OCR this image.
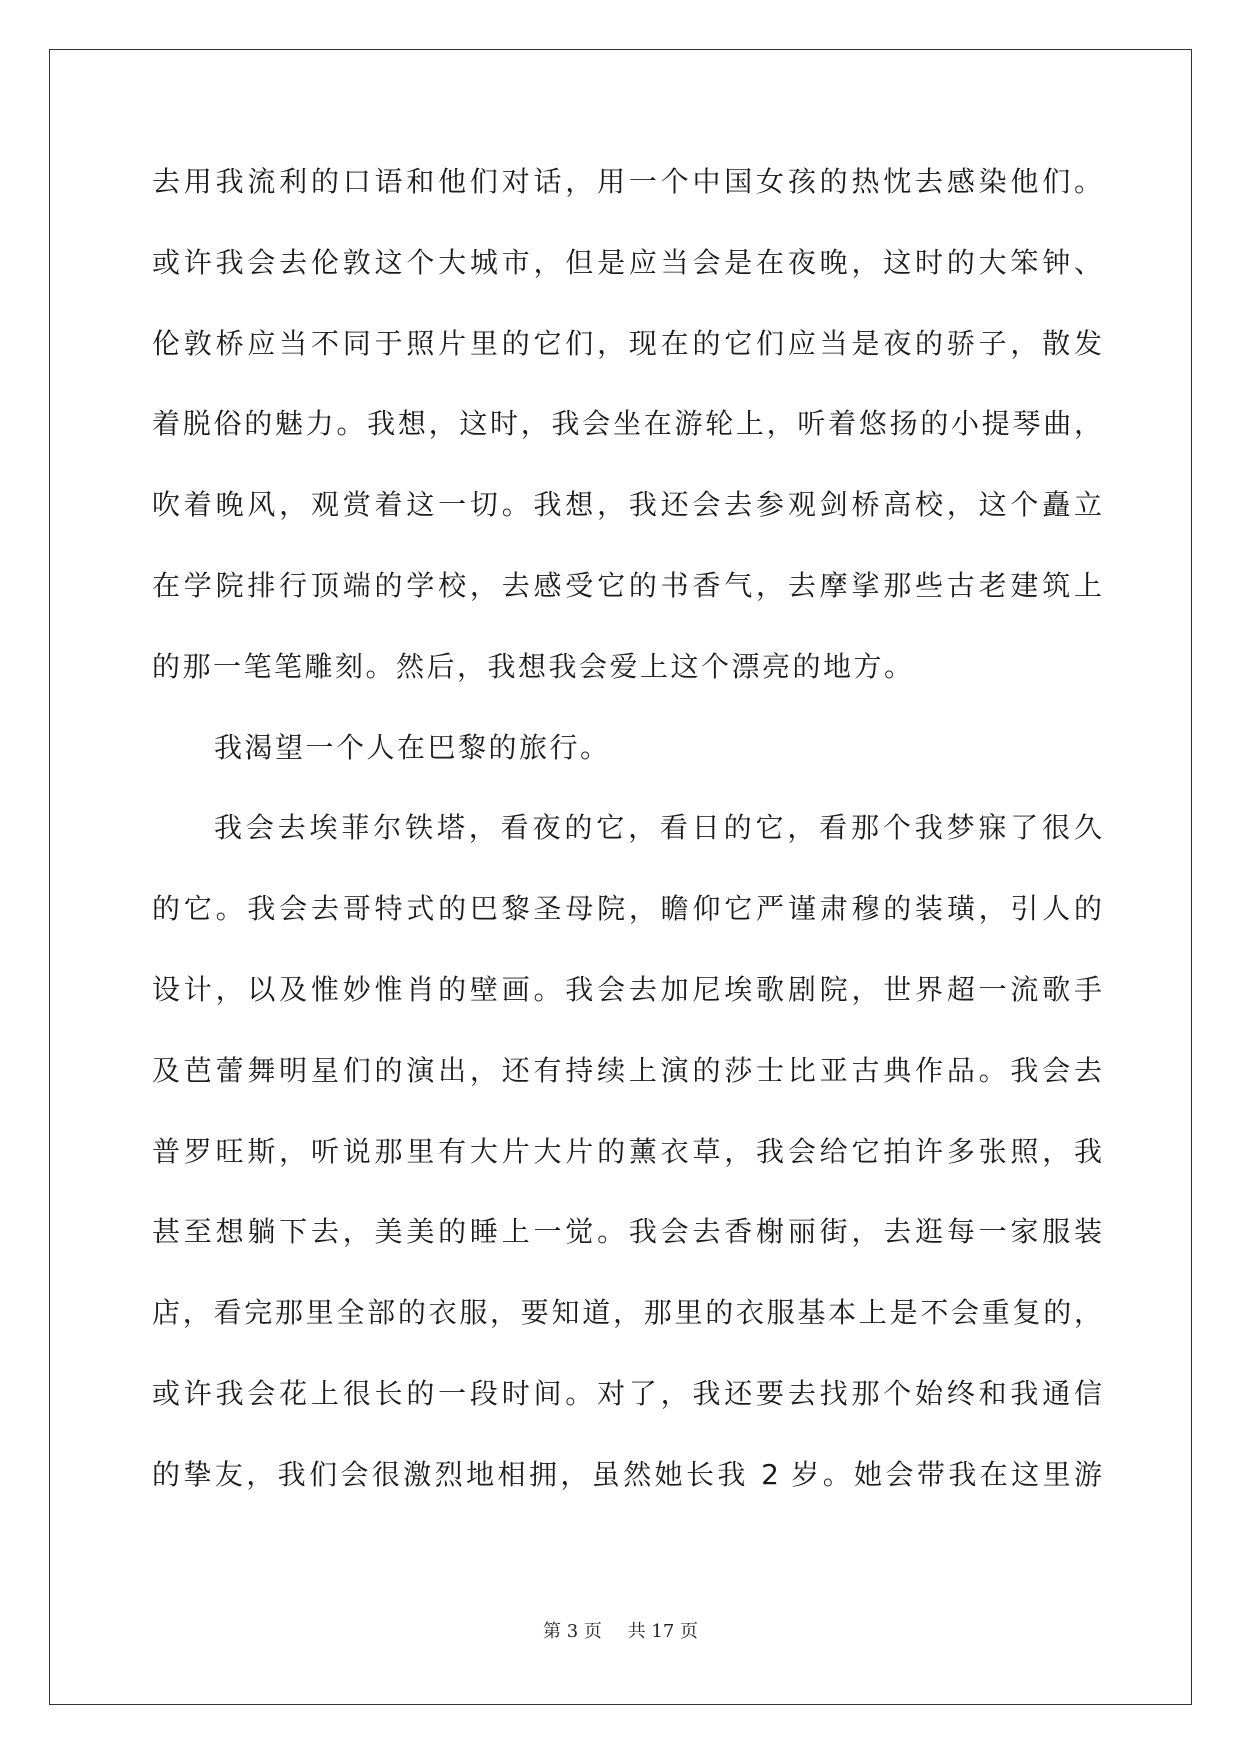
去用我流利的口语和他们对话，用一个中国女孩的热忱去感染他们。
或许我会去伦敦这个大城市，但是应当会是在夜晚，这时的大笨钟、
伦敦桥应当不同于照片里的它们，现在的它们应当是夜的骄子，散发
着脱俗的魅力。我想，这时，我会坐在游轮上，听着悠扬的小提琴曲，
吹着晚风，观赏着这一切。我想，我还会去参观剑桥高校，这个矗立
在学院排行顶端的学校，去感受它的书香气，去摩挲那些古老建筑上
的那一笔笔雕刻。然后，我想我会爱上这个漂亮的地方。
我渴望一个人在巴黎的旅行。
我会去埃菲尔铁塔，看夜的它，看日的它，看那个我梦寐了很久
的它。我会去哥特式的巴黎圣母院，瞻仰它严谨肃穆的装璜，引人的
设计，以及惟妙惟肖的壁画。我会去加尼埃歌剧院，世界超一流歌手
及芭蕾舞明星们的演出，还有持续上演的莎士比亚古典作品。我会去
普罗旺斯，听说那里有大片大片的薰衣草，我会给它拍许多张照，我
甚至想躺下去，美美的睡上一觉。我会去香榭丽街，去逛每一家服装
店，看完那里全部的衣服，要知道，那里的衣服基本上是不会重复的，
或许我会花上很长的一段时间。对了，我还要去找那个始终和我通信
的挚友，我们会很激烈地相拥，虽然她长我 2 岁。她会带我在这里游
第 3 页 共 17 页
